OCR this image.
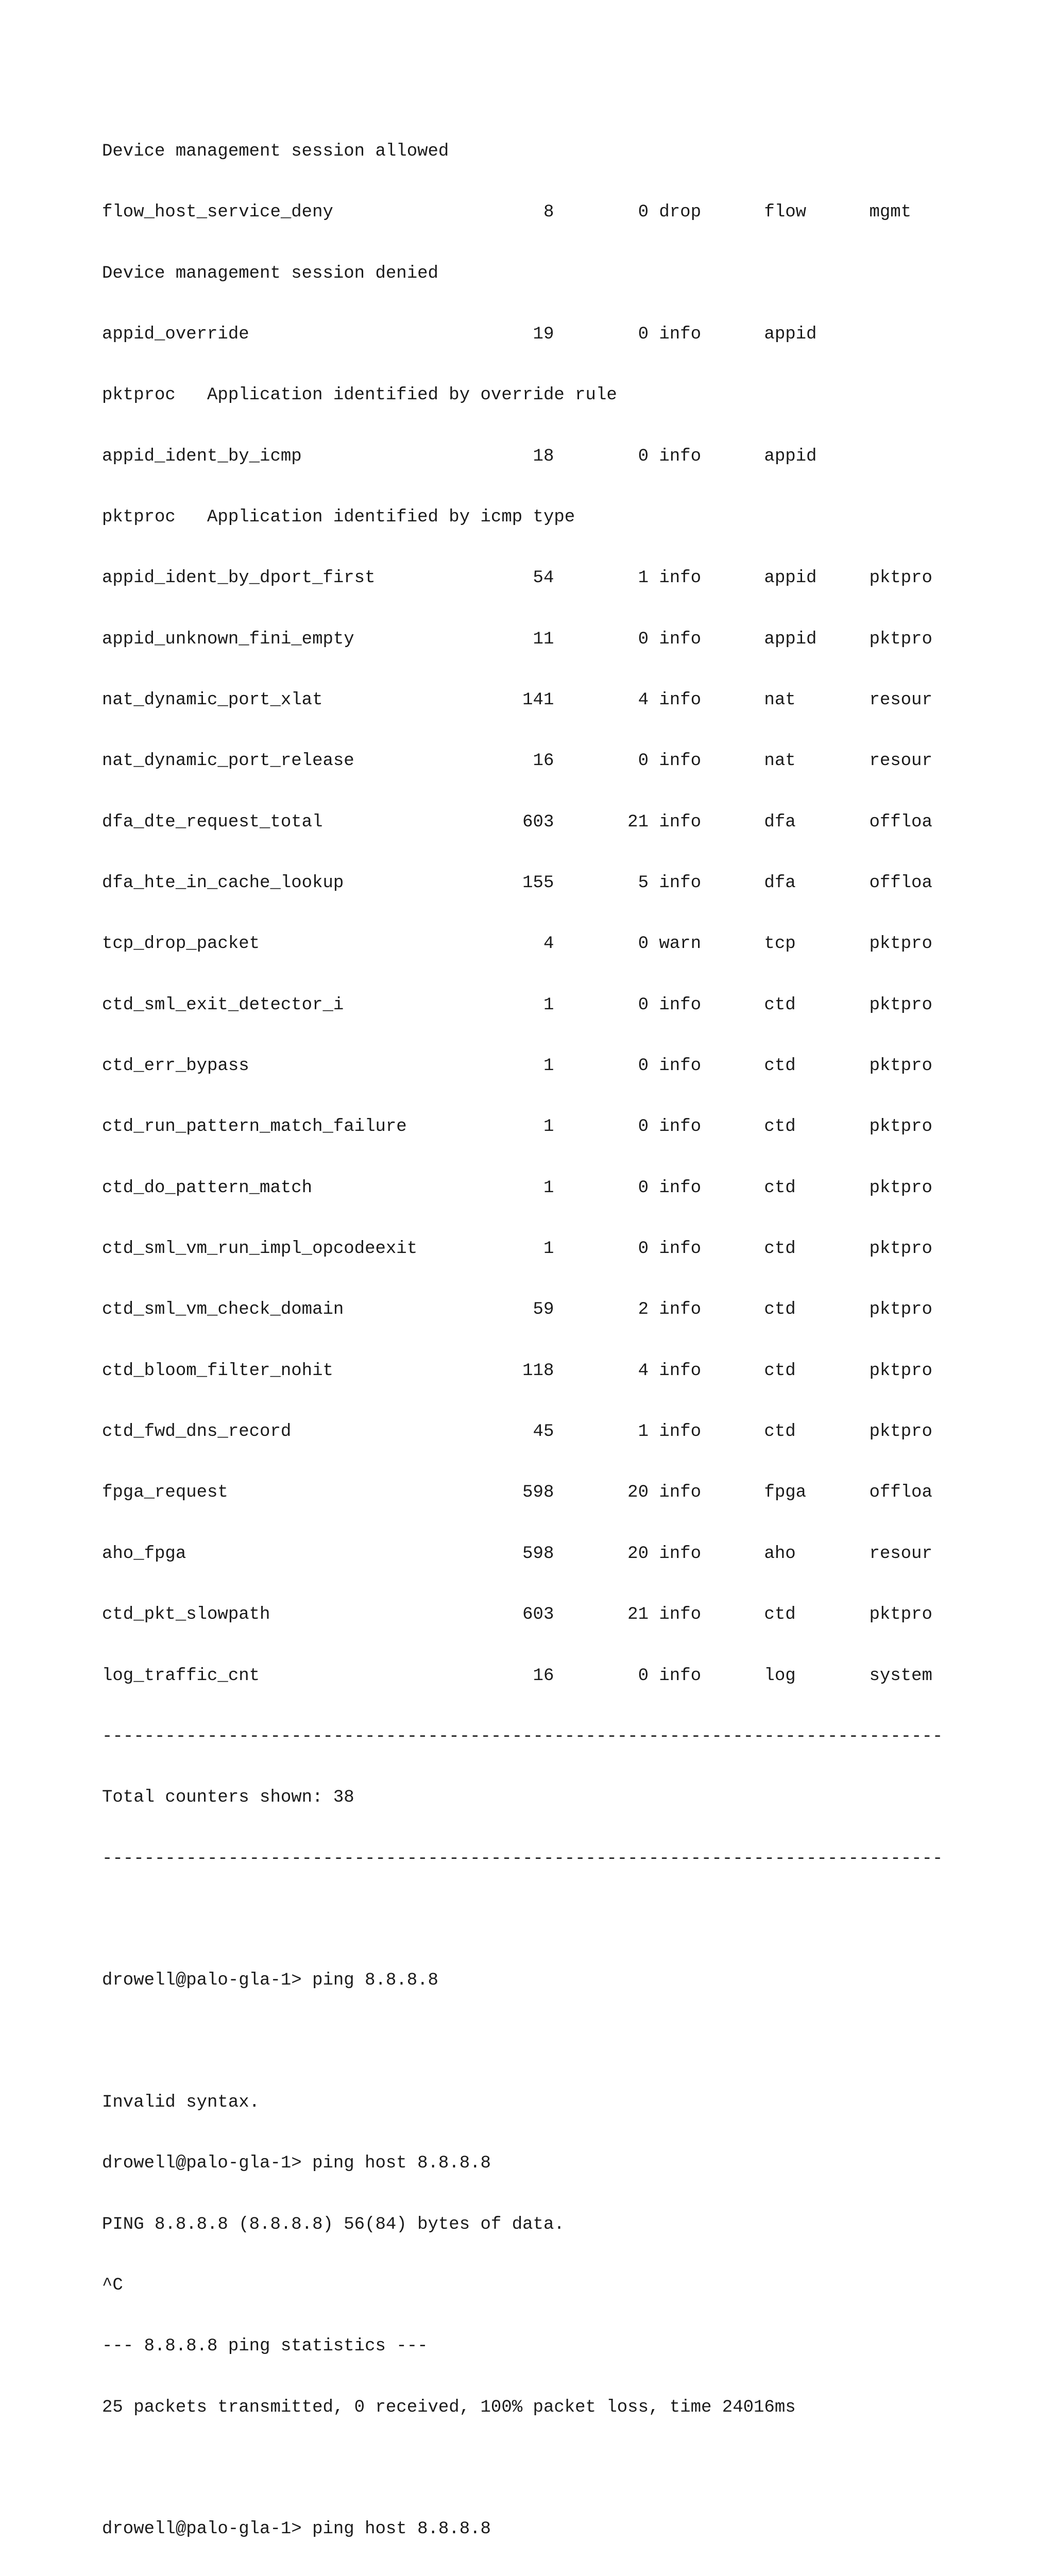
Device management session allowed

flow_host_service_deny                    8        0 drop      flow      mgmt

Device management session denied

appid_override                           19        0 info      appid

pktproc   Application identified by override rule

appid_ident_by_icmp                      18        0 info      appid

pktproc   Application identified by icmp type

appid_ident_by_dport_first               54        1 info      appid     pktpro

appid_unknown_fini_empty                 11        0 info      appid     pktpro

nat_dynamic_port_xlat                   141        4 info      nat       resour

nat_dynamic_port_release                 16        0 info      nat       resour

dfa_dte_request_total                   603       21 info      dfa       offloa

dfa_hte_in_cache_lookup                 155        5 info      dfa       offloa

tcp_drop_packet                           4        0 warn      tcp       pktpro

ctd_sml_exit_detector_i                   1        0 info      ctd       pktpro

ctd_err_bypass                            1        0 info      ctd       pktpro

ctd_run_pattern_match_failure             1        0 info      ctd       pktpro

ctd_do_pattern_match                      1        0 info      ctd       pktpro

ctd_sml_vm_run_impl_opcodeexit            1        0 info      ctd       pktpro

ctd_sml_vm_check_domain                  59        2 info      ctd       pktpro

ctd_bloom_filter_nohit                  118        4 info      ctd       pktpro

ctd_fwd_dns_record                       45        1 info      ctd       pktpro

fpga_request                            598       20 info      fpga      offloa

aho_fpga                                598       20 info      aho       resour

ctd_pkt_slowpath                        603       21 info      ctd       pktpro

log_traffic_cnt                          16        0 info      log       system

--------------------------------------------------------------------------------

Total counters shown: 38

--------------------------------------------------------------------------------

drowell@palo-gla-1> ping 8.8.8.8

Invalid syntax.

drowell@palo-gla-1> ping host 8.8.8.8

PING 8.8.8.8 (8.8.8.8) 56(84) bytes of data.

^C

--- 8.8.8.8 ping statistics ---

25 packets transmitted, 0 received, 100% packet loss, time 24016ms

drowell@palo-gla-1> ping host 8.8.8.8
